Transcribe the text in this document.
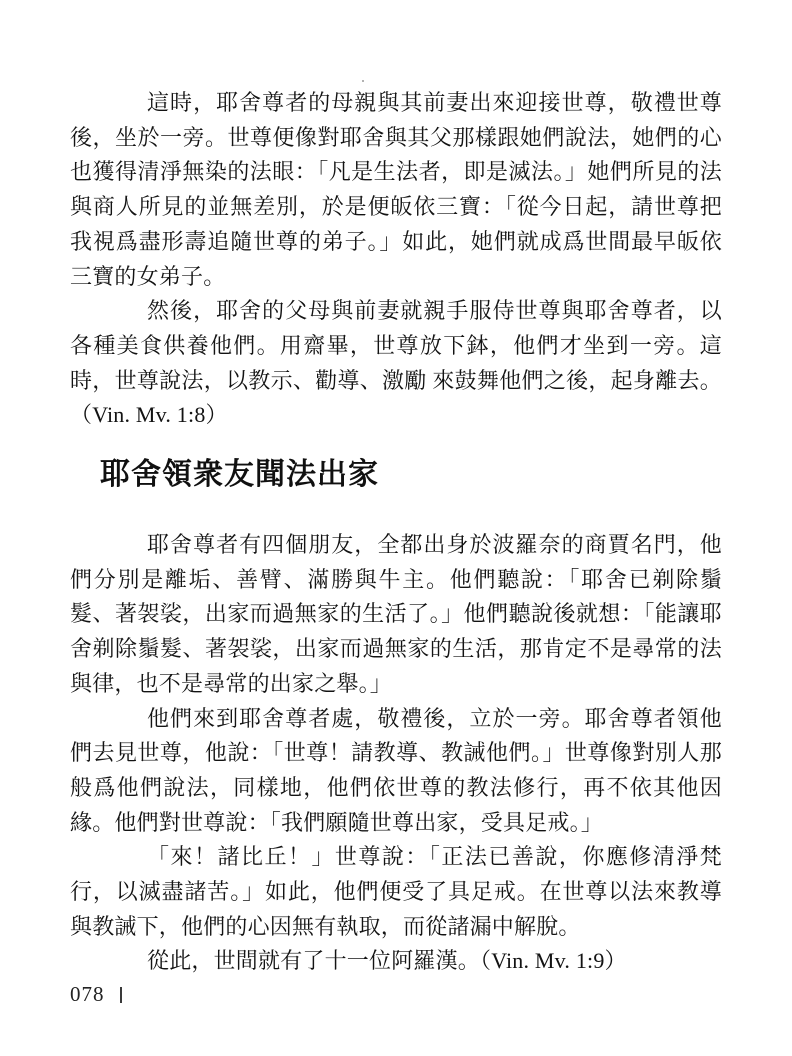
這時，耶舍尊者的母親與其前妻出來迎接世尊，敬禮世尊後，坐於一旁。世尊便像對耶舍與其父那樣跟她們說法，她們的心也獲得清淨無染的法眼：「凡是生法者，即是滅法。」她們所見的法與商人所見的並無差別，於是便皈依三寶：「從今日起，請世尊把我視爲盡形壽追隨世尊的弟子。」如此，她們就成爲世間最早皈依三寶的女弟子。

然後，耶舍的父母與前妻就親手服侍世尊與耶舍尊者，以各種美食供養他們。用齋畢，世尊放下鉢，他們才坐到一旁。這時，世尊說法，以教示、勸導、激勵 來鼓舞他們之後，起身離去。（Vin. Mv. 1:8）

耶舍領衆友聞法出家

耶舍尊者有四個朋友，全都出身於波羅奈的商賈名門，他們分別是離垢、善臂、滿勝與牛主。他們聽說：「耶舍已剃除鬚髮、著袈裟，出家而過無家的生活了。」他們聽說後就想：「能讓耶舍剃除鬚髮、著袈裟，出家而過無家的生活，那肯定不是尋常的法與律，也不是尋常的出家之舉。」

他們來到耶舍尊者處，敬禮後，立於一旁。耶舍尊者領他們去見世尊，他說：「世尊！請教導、教誡他們。」世尊像對別人那般爲他們說法，同樣地，他們依世尊的教法修行，再不依其他因緣。他們對世尊說：「我們願隨世尊出家，受具足戒。」

「來！諸比丘！」世尊說：「正法已善說，你應修清淨梵行，以滅盡諸苦。」如此，他們便受了具足戒。在世尊以法來教導與教誡下，他們的心因無有執取，而從諸漏中解脫。

從此，世間就有了十一位阿羅漢。（Vin. Mv. 1:9）

078
